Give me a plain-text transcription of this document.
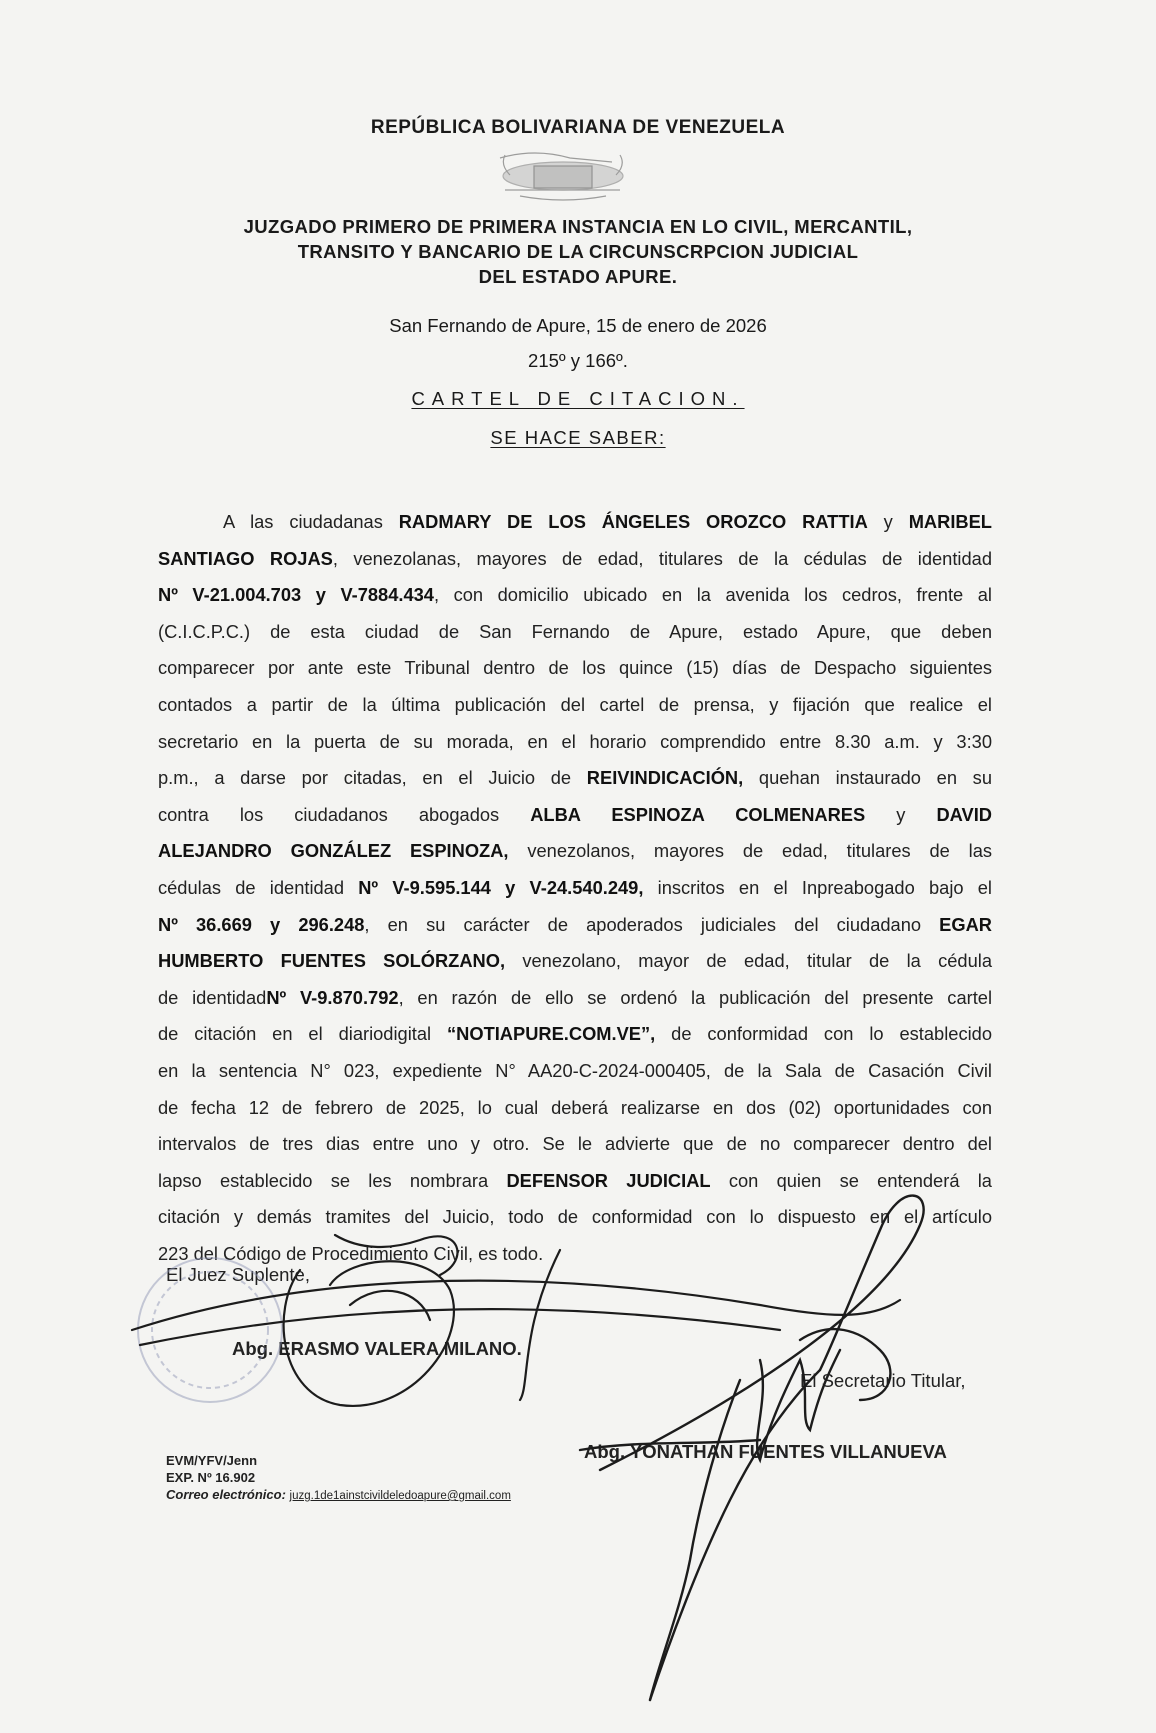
REPÚBLICA BOLIVARIANA DE VENEZUELA
JUZGADO PRIMERO DE PRIMERA INSTANCIA EN LO CIVIL, MERCANTIL,
TRANSITO Y BANCARIO DE LA CIRCUNSCRPCION JUDICIAL
DEL ESTADO APURE.
San Fernando de Apure, 15 de enero de 2026
215º y 166º.
CARTEL DE CITACION.
SE HACE SABER:
A las ciudadanas RADMARY DE LOS ÁNGELES OROZCO RATTIA y MARIBEL
SANTIAGO ROJAS, venezolanas, mayores de edad, titulares de la cédulas de identidad
Nº V-21.004.703 y V-7884.434, con domicilio ubicado en la avenida los cedros, frente al
(C.I.C.P.C.) de esta ciudad de San Fernando de Apure, estado Apure, que deben
comparecer por ante este Tribunal dentro de los quince (15) días de Despacho siguientes
contados a partir de la última publicación del cartel de prensa, y fijación que realice el
secretario en la puerta de su morada, en el horario comprendido entre 8.30 a.m. y 3:30
p.m., a darse por citadas, en el Juicio de REIVINDICACIÓN, quehan instaurado en su
contra los ciudadanos abogados ALBA ESPINOZA COLMENARES y DAVID
ALEJANDRO GONZÁLEZ ESPINOZA, venezolanos, mayores de edad, titulares de las
cédulas de identidad Nº V-9.595.144 y V-24.540.249, inscritos en el Inpreabogado bajo el
Nº 36.669 y 296.248, en su carácter de apoderados judiciales del ciudadano EGAR
HUMBERTO FUENTES SOLÓRZANO, venezolano, mayor de edad, titular de la cédula
de identidadNº V-9.870.792, en razón de ello se ordenó la publicación del presente cartel
de citación en el diariodigital “NOTIAPURE.COM.VE”, de conformidad con lo establecido
en la sentencia N° 023, expediente N° AA20-C-2024-000405, de la Sala de Casación Civil
de fecha 12 de febrero de 2025, lo cual deberá realizarse en dos (02) oportunidades con
intervalos de tres dias entre uno y otro. Se le advierte que de no comparecer dentro del
lapso establecido se les nombrara DEFENSOR JUDICIAL con quien se entenderá la
citación y demás tramites del Juicio, todo de conformidad con lo dispuesto en el artículo
223 del Código de Procedimiento Civil, es todo.
El Juez Suplente,
Abg. ERASMO VALERA MILANO.
El Secretario Titular,
Abg. YONATHAN FUENTES VILLANUEVA
EVM/YFV/Jenn
EXP. Nº 16.902
Correo electrónico: juzg.1de1ainstcivildeledoapure@gmail.com
